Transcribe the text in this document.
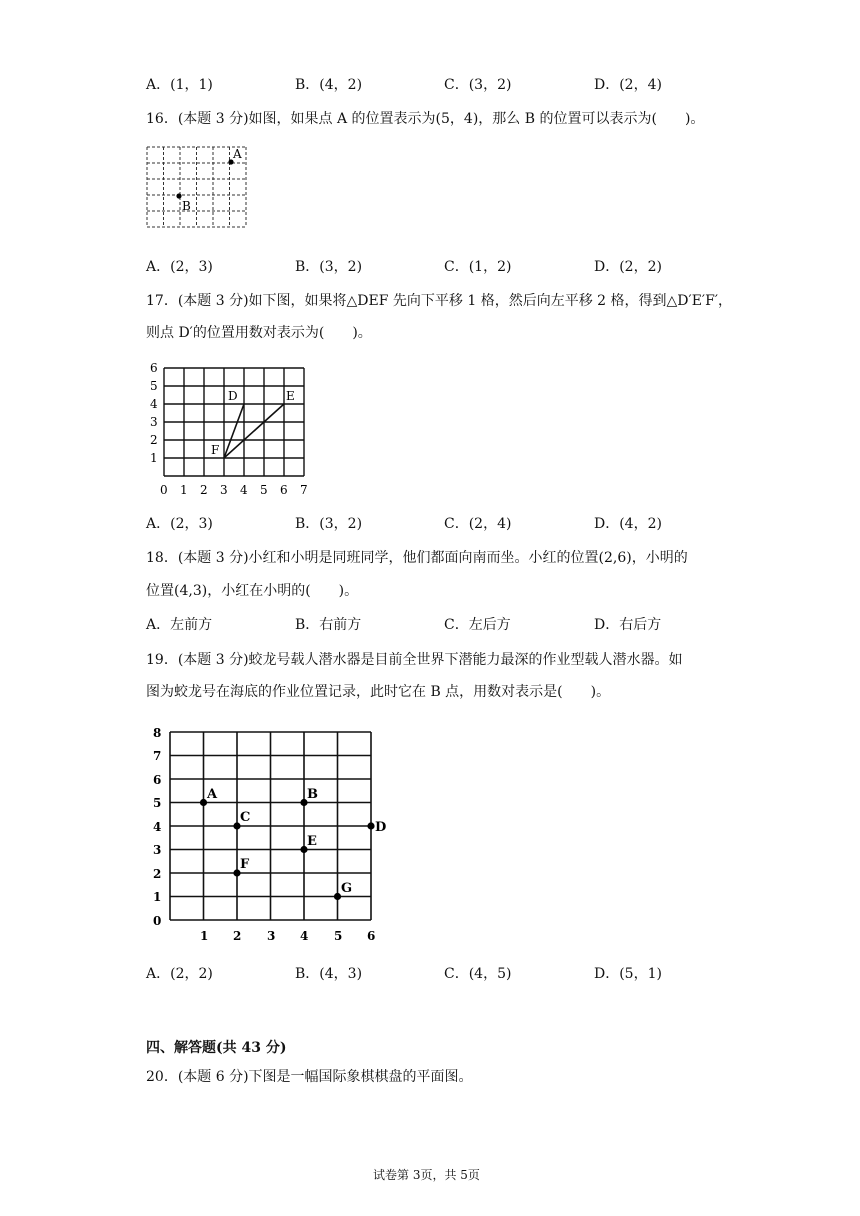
A．(1，1)	B．(4，2)	C．(3，2)	D．(2，4)
16．(本题 3 分)如图，如果点 A 的位置表示为(5，4)，那么 B 的位置可以表示为(　　)。
A
B
A．(2，3)	B．(3，2)	C．(1，2)	D．(2，2)
17．(本题 3 分)如下图，如果将△DEF 先向下平移 1 格，然后向左平移 2 格，得到△D′E′F′，
则点 D′的位置用数对表示为(　　)。
D	E
F
1
2
3
4
5
6
0 1 2 3 4 5 6 7
A．(2，3)	B．(3，2)	C．(2，4)	D．(4，2)
18．(本题 3 分)小红和小明是同班同学，他们都面向南而坐。小红的位置(2,6)，小明的
位置(4,3)，小红在小明的(　　)。
A．左前方	B．右前方	C．左后方	D．右后方
19．(本题 3 分)蛟龙号载人潜水器是目前全世界下潜能力最深的作业型载人潜水器。如
图为蛟龙号在海底的作业位置记录，此时它在 B 点，用数对表示是(　　)。
A	B
C
D
E
F
G
0
1
2
3
4
5
6
7
8
1 2 3 4 5 6
A．(2，2)	B．(4，3)	C．(4，5)	D．(5，1)
四、解答题(共 43 分)
20．(本题 6 分)下图是一幅国际象棋棋盘的平面图。
试卷第 3页，共 5页
